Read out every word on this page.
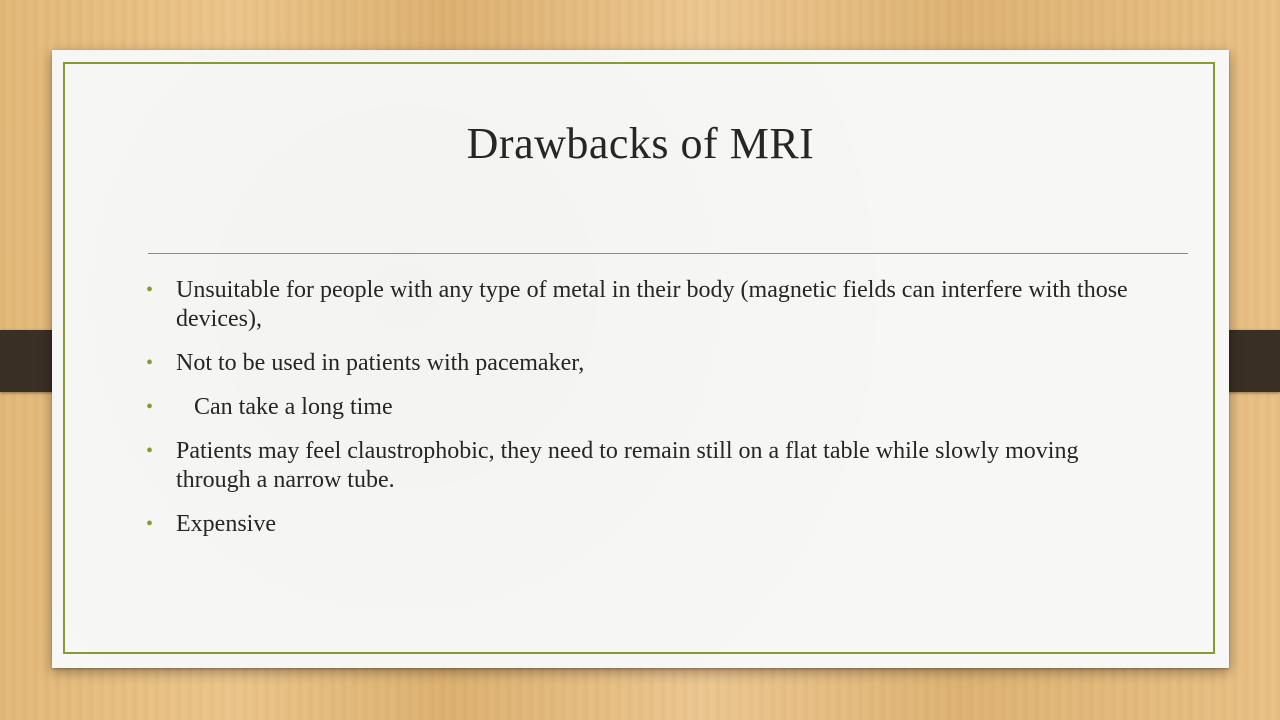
Drawbacks of MRI
• Unsuitable for people with any type of metal in their body (magnetic fields can interfere with those devices),
• Not to be used in patients with pacemaker,
• Can take a long time
• Patients may feel claustrophobic, they need to remain still on a flat table while slowly moving through a narrow tube.
• Expensive
